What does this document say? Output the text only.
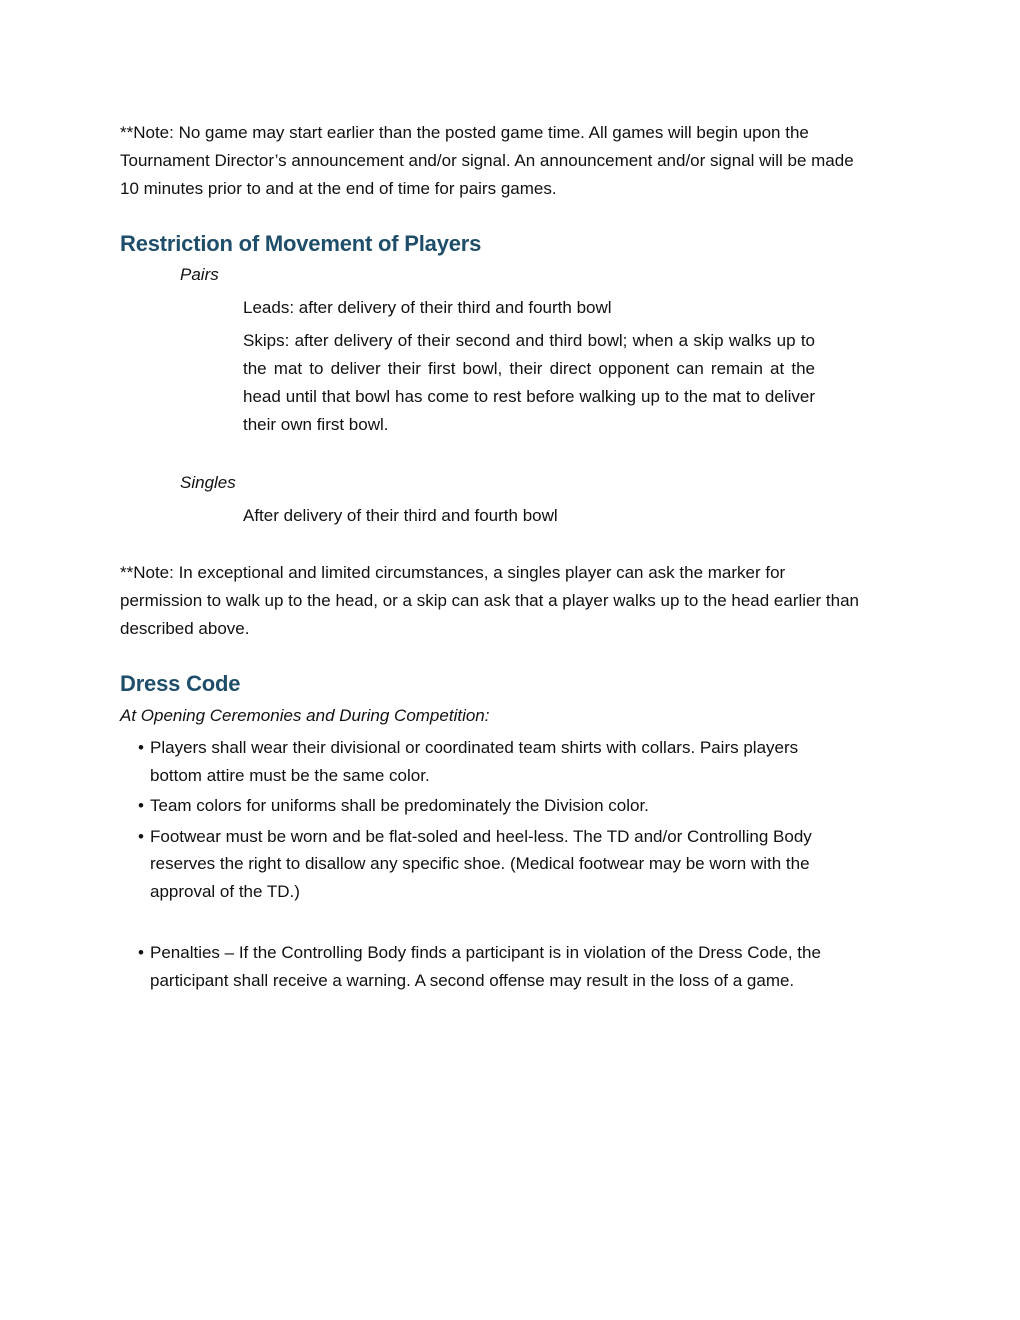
**Note: No game may start earlier than the posted game time. All games will begin upon the Tournament Director’s announcement and/or signal. An announcement and/or signal will be made 10 minutes prior to and at the end of time for pairs games.

Restriction of Movement of Players

Pairs

Leads: after delivery of their third and fourth bowl

Skips: after delivery of their second and third bowl; when a skip walks up to the mat to deliver their first bowl, their direct opponent can remain at the head until that bowl has come to rest before walking up to the mat to deliver their own first bowl.

Singles

After delivery of their third and fourth bowl

**Note: In exceptional and limited circumstances, a singles player can ask the marker for permission to walk up to the head, or a skip can ask that a player walks up to the head earlier than described above.

Dress Code

At Opening Ceremonies and During Competition:

• Players shall wear their divisional or coordinated team shirts with collars. Pairs players bottom attire must be the same color.
• Team colors for uniforms shall be predominately the Division color.
• Footwear must be worn and be flat-soled and heel-less. The TD and/or Controlling Body reserves the right to disallow any specific shoe. (Medical footwear may be worn with the approval of the TD.)
• Penalties – If the Controlling Body finds a participant is in violation of the Dress Code, the participant shall receive a warning. A second offense may result in the loss of a game.
